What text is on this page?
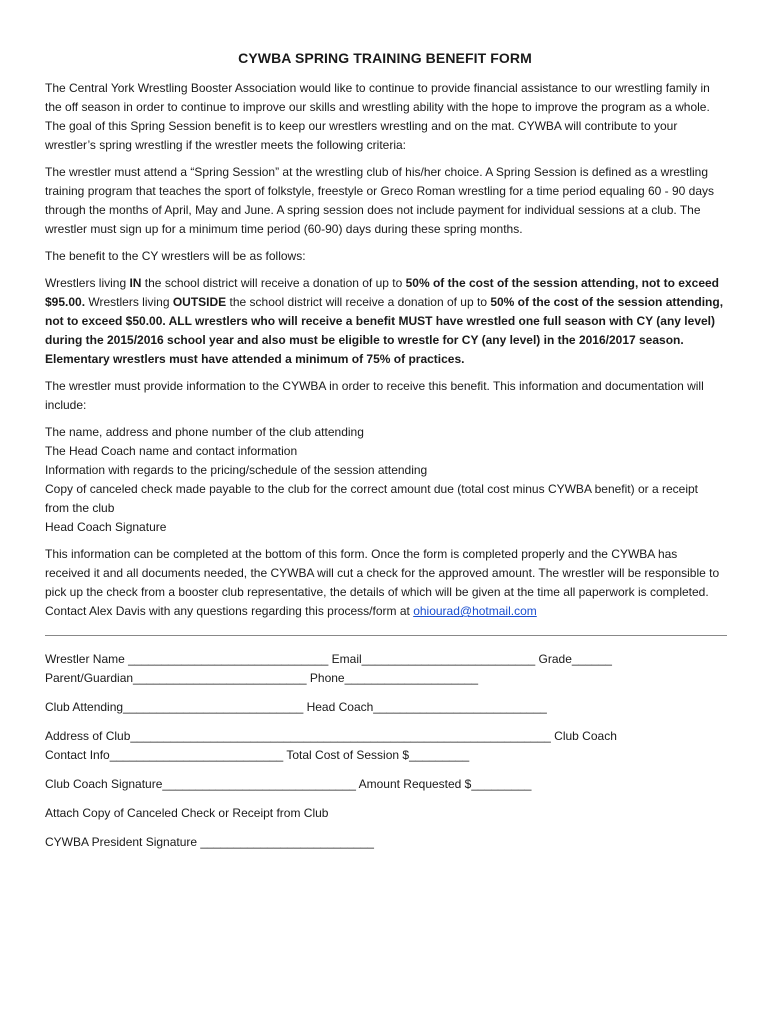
CYWBA SPRING TRAINING BENEFIT FORM

The Central York Wrestling Booster Association would like to continue to provide financial assistance to our wrestling family in the off season in order to continue to improve our skills and wrestling ability with the hope to improve the program as a whole. The goal of this Spring Session benefit is to keep our wrestlers wrestling and on the mat. CYWBA will contribute to your wrestler’s spring wrestling if the wrestler meets the following criteria:

The wrestler must attend a “Spring Session” at the wrestling club of his/her choice. A Spring Session is defined as a wrestling training program that teaches the sport of folkstyle, freestyle or Greco Roman wrestling for a time period equaling 60 - 90 days through the months of April, May and June. A spring session does not include payment for individual sessions at a club. The wrestler must sign up for a minimum time period (60-90) days during these spring months.

The benefit to the CY wrestlers will be as follows:

Wrestlers living IN the school district will receive a donation of up to 50% of the cost of the session attending, not to exceed $95.00. Wrestlers living OUTSIDE the school district will receive a donation of up to 50% of the cost of the session attending, not to exceed $50.00. ALL wrestlers who will receive a benefit MUST have wrestled one full season with CY (any level) during the 2015/2016 school year and also must be eligible to wrestle for CY (any level) in the 2016/2017 season. Elementary wrestlers must have attended a minimum of 75% of practices.

The wrestler must provide information to the CYWBA in order to receive this benefit. This information and documentation will include:

The name, address and phone number of the club attending

The Head Coach name and contact information

Information with regards to the pricing/schedule of the session attending

Copy of canceled check made payable to the club for the correct amount due (total cost minus CYWBA benefit) or a receipt from the club

Head Coach Signature

This information can be completed at the bottom of this form. Once the form is completed properly and the CYWBA has received it and all documents needed, the CYWBA will cut a check for the approved amount. The wrestler will be responsible to pick up the check from a booster club representative, the details of which will be given at the time all paperwork is completed. Contact Alex Davis with any questions regarding this process/form at ohiourad@hotmail.com

Wrestler Name ______________________________ Email__________________________ Grade______

Parent/Guardian__________________________ Phone____________________

Club Attending___________________________ Head Coach__________________________

Address of Club_______________________________________________________________ Club Coach

Contact Info__________________________ Total Cost of Session $_________

Club Coach Signature_____________________________ Amount Requested $_________

Attach Copy of Canceled Check or Receipt from Club

CYWBA President Signature __________________________
